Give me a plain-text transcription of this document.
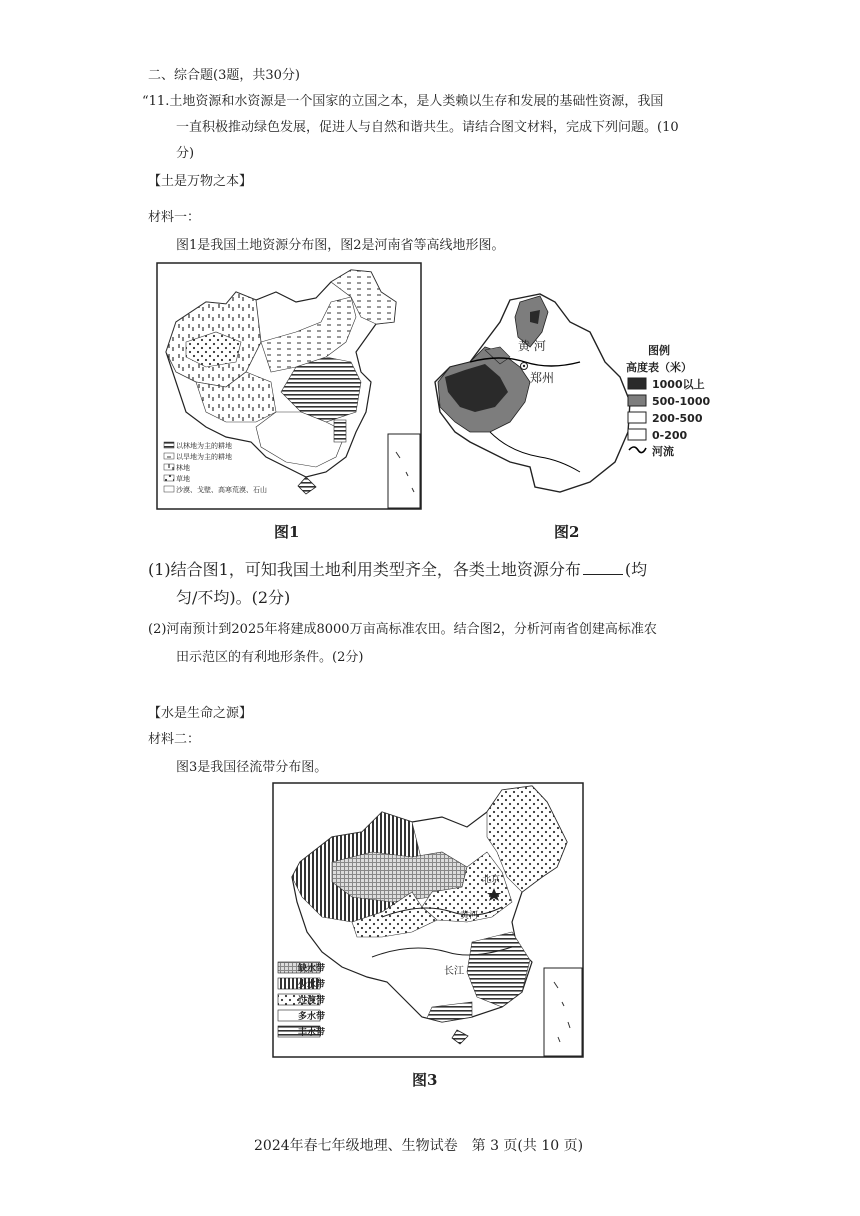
二、综合题(3题，共30分)
“11.土地资源和水资源是一个国家的立国之本，是人类赖以生存和发展的基础性资源，我国
一直积极推动绿色发展，促进人与自然和谐共生。请结合图文材料，完成下列问题。(10
分)
【土是万物之本】
材料一：
图1是我国土地资源分布图，图2是河南省等高线地形图。
以林地为主的耕地
以旱地为主的耕地
林地
草地
沙漠、戈壁、高寒荒漠、石山
图1
黄 河
郑州
图例
高度表（米）
1000以上
500-1000
200-500
0-200
河流
图2
(1)结合图1，可知我国土地利用类型齐全，各类土地资源分布	(均
匀/不均)。(2分)
(2)河南预计到2025年将建成8000万亩高标准农田。结合图2，分析河南省创建高标准农
田示范区的有利地形条件。(2分)
【水是生命之源】
材料二：
图3是我国径流带分布图。
北京
黄河
长江
缺水带
少水带
过渡带
多水带
丰水带
图3
2024年春七年级地理、生物试卷　第 3 页(共 10 页)
